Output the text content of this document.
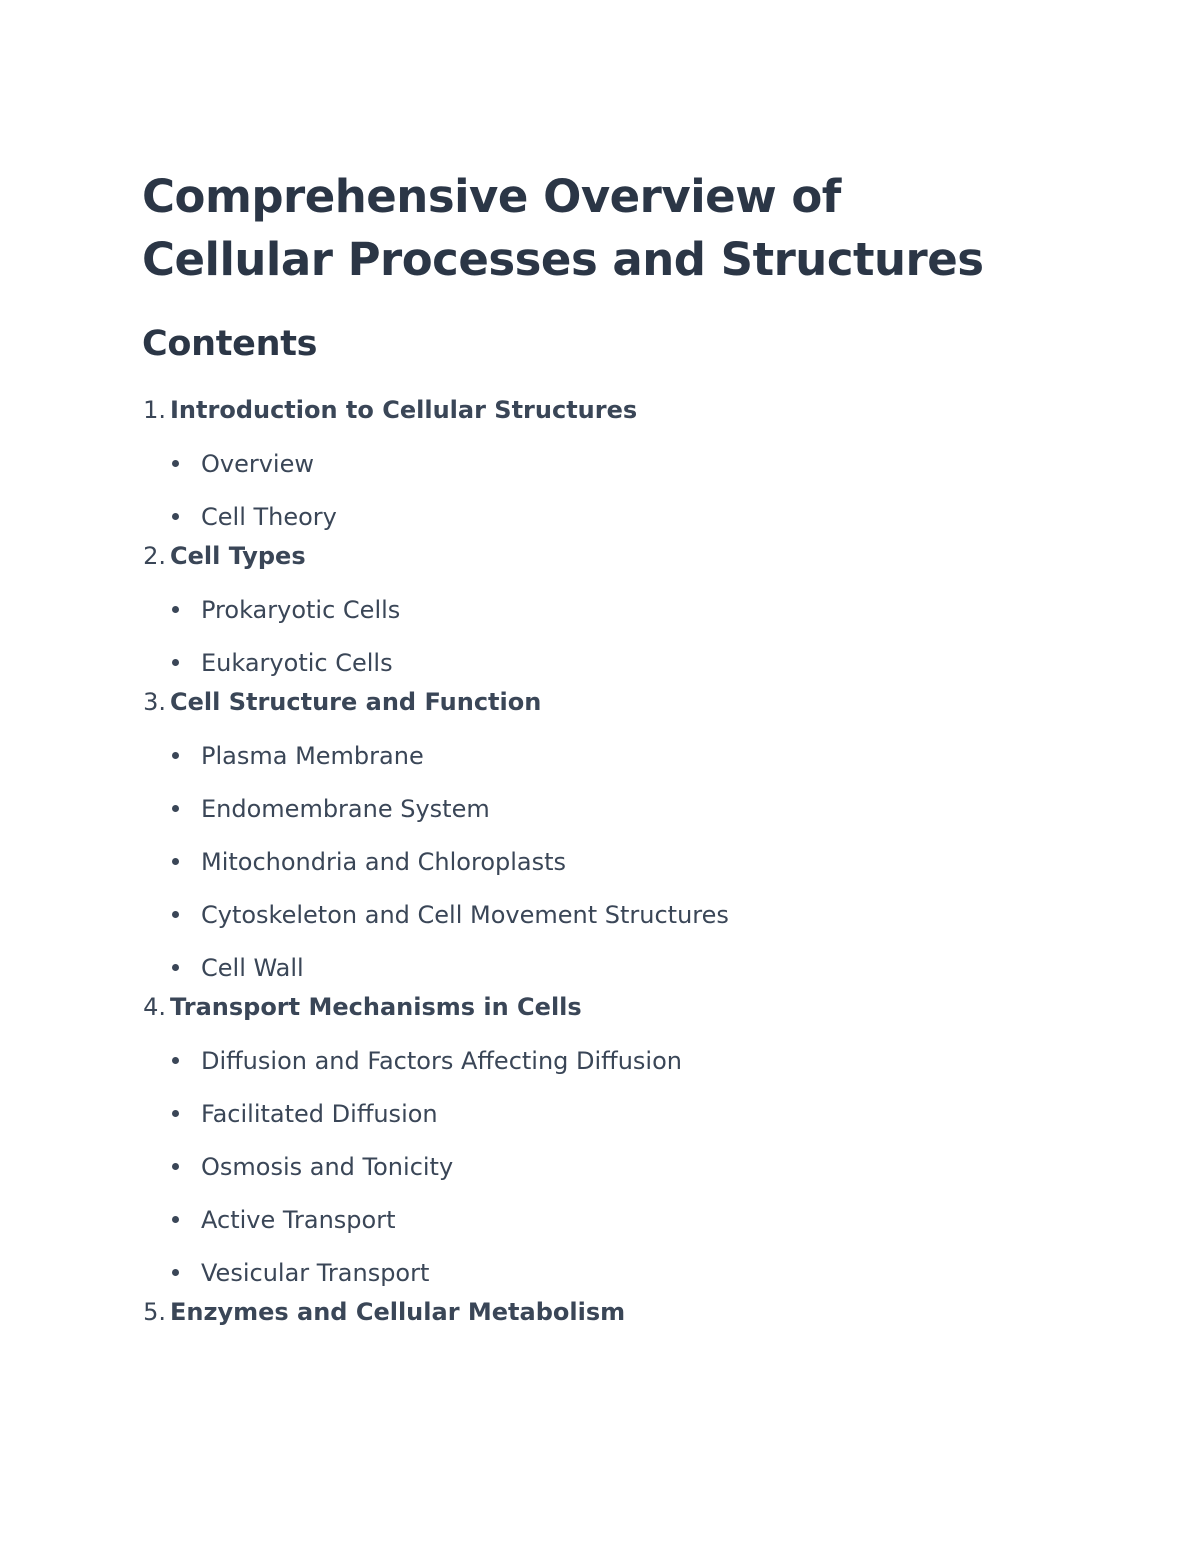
Comprehensive Overview of Cellular Processes and Structures
Contents
1. Introduction to Cellular Structures
Overview
Cell Theory
2. Cell Types
Prokaryotic Cells
Eukaryotic Cells
3. Cell Structure and Function
Plasma Membrane
Endomembrane System
Mitochondria and Chloroplasts
Cytoskeleton and Cell Movement Structures
Cell Wall
4. Transport Mechanisms in Cells
Diffusion and Factors Affecting Diffusion
Facilitated Diffusion
Osmosis and Tonicity
Active Transport
Vesicular Transport
5. Enzymes and Cellular Metabolism
